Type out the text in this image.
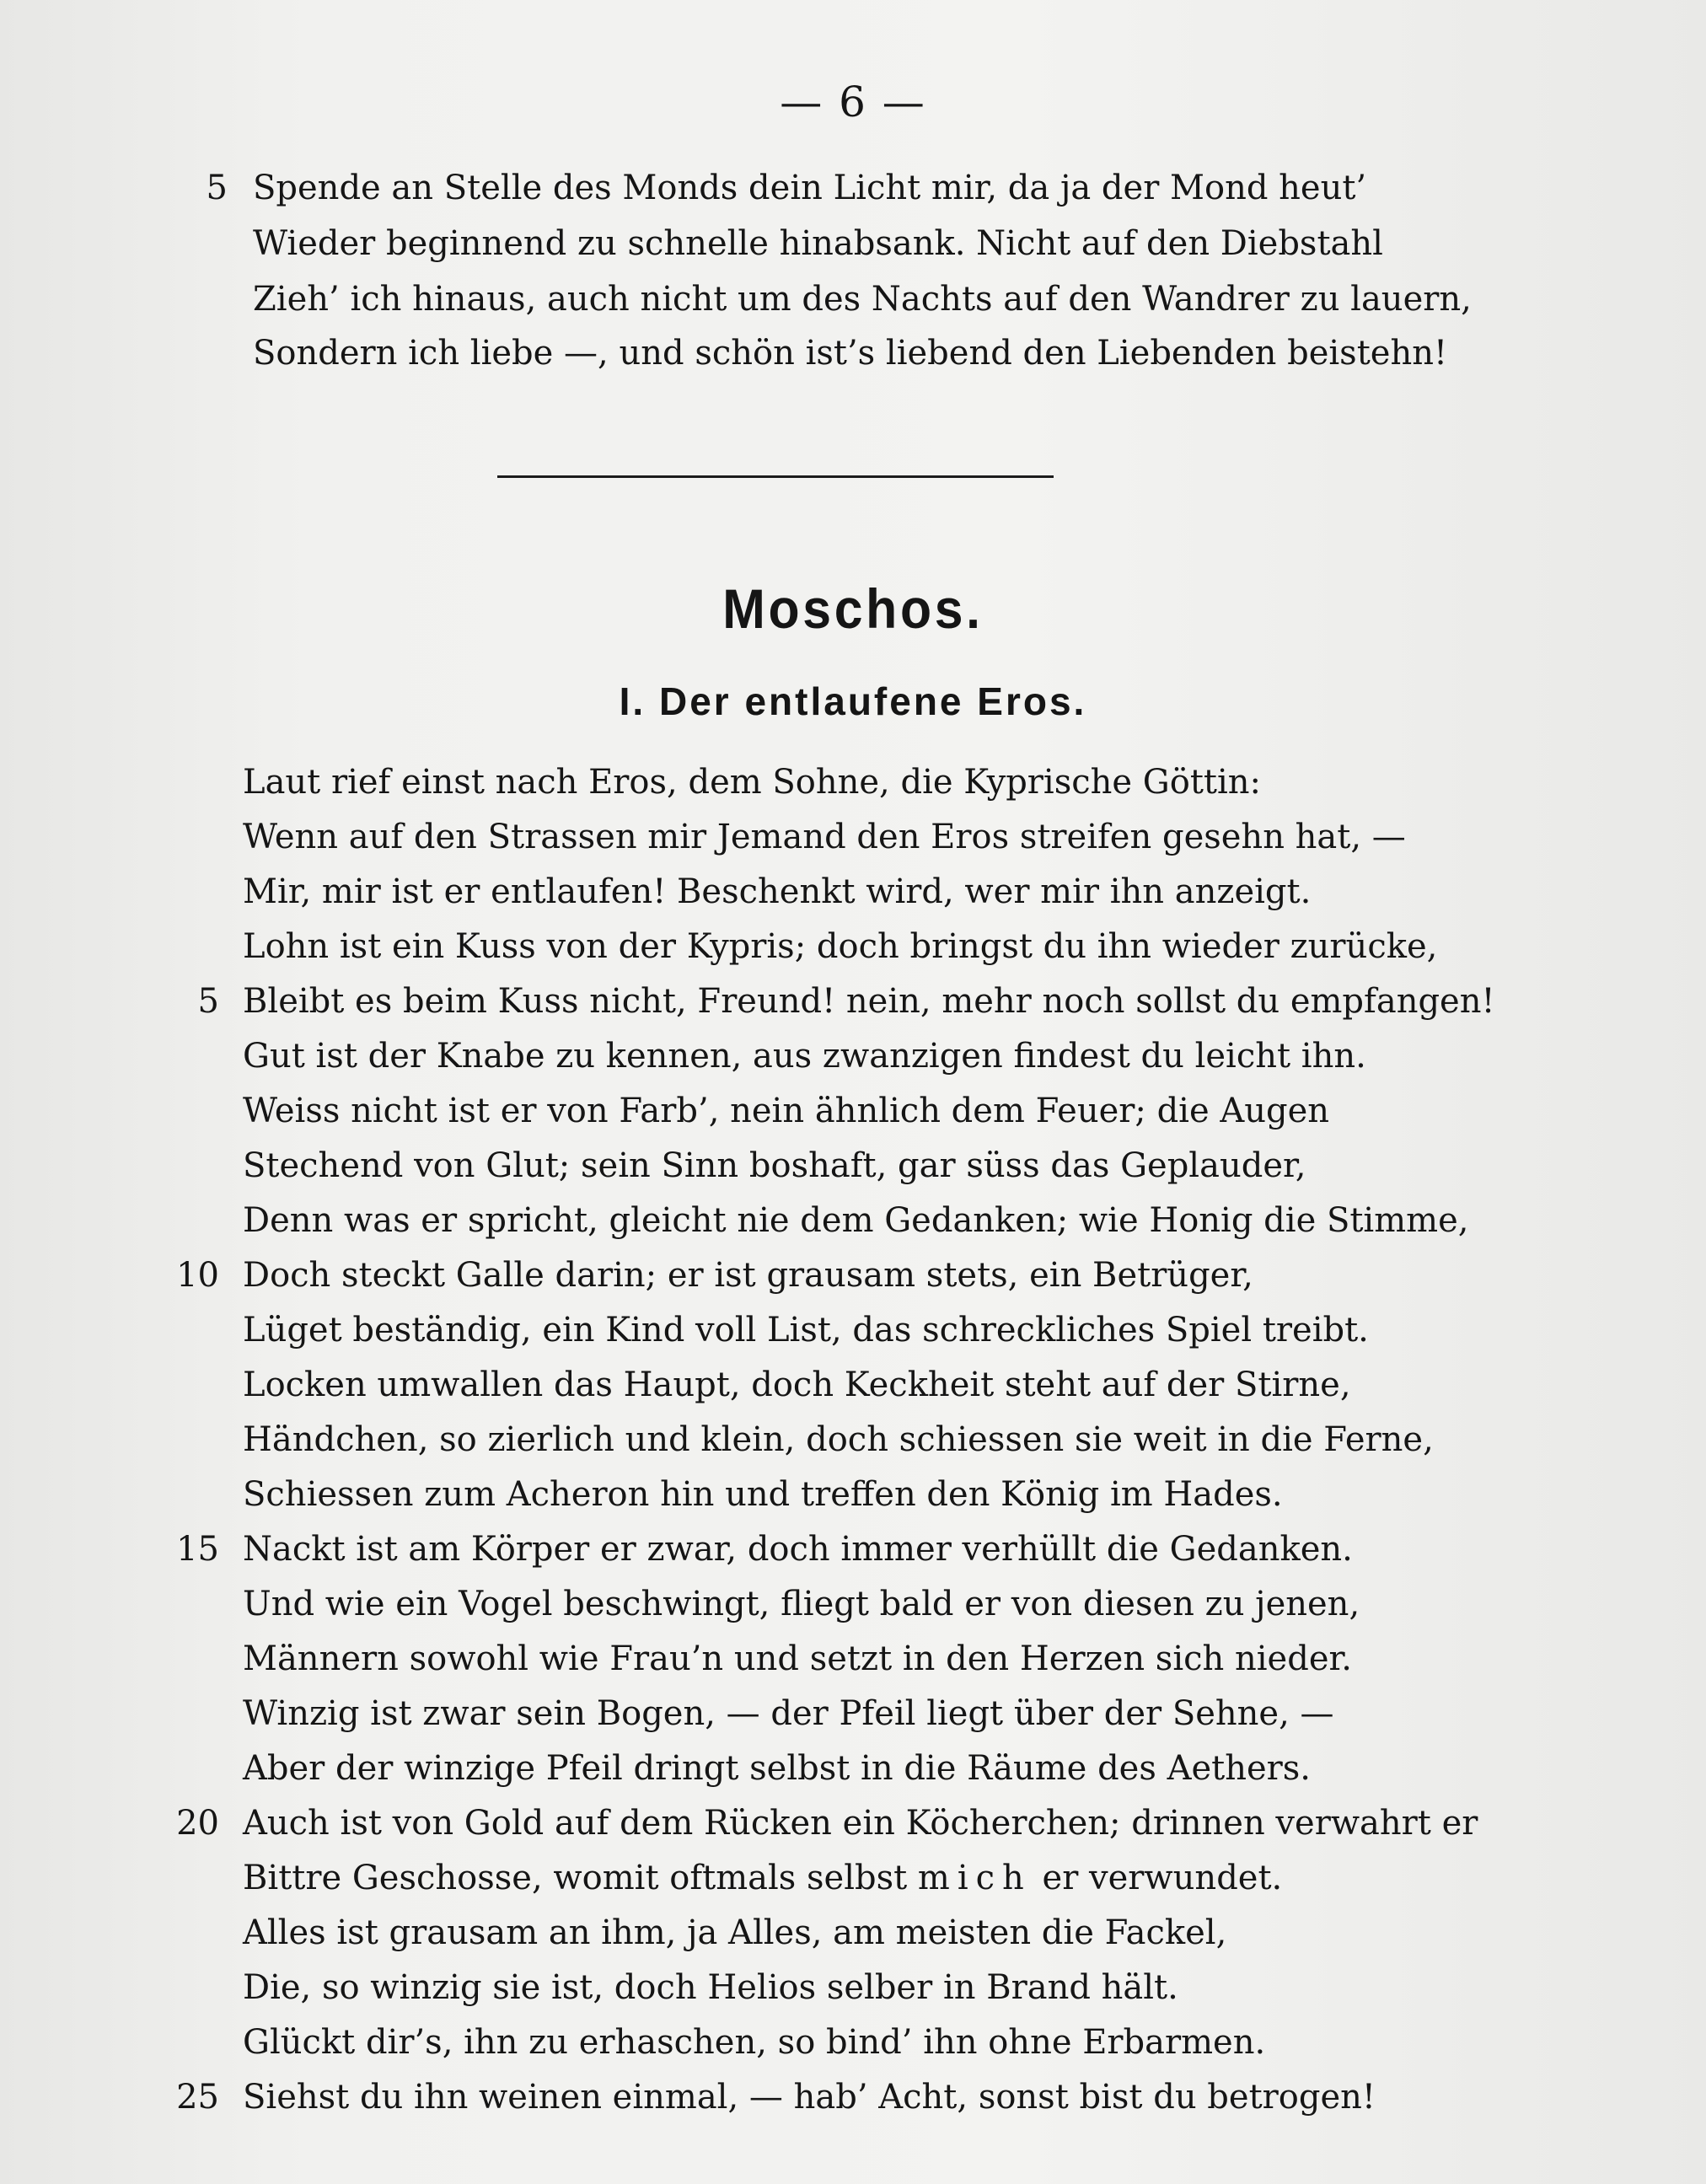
— 6 —
5 Spende an Stelle des Monds dein Licht mir, da ja der Mond heut’
Wieder beginnend zu schnelle hinabsank. Nicht auf den Diebstahl
Zieh’ ich hinaus, auch nicht um des Nachts auf den Wandrer zu lauern,
Sondern ich liebe —, und schön ist’s liebend den Liebenden beistehn!
Moschos.
I. Der entlaufene Eros.
Laut rief einst nach Eros, dem Sohne, die Kyprische Göttin:
Wenn auf den Strassen mir Jemand den Eros streifen gesehn hat, —
Mir, mir ist er entlaufen! Beschenkt wird, wer mir ihn anzeigt.
Lohn ist ein Kuss von der Kypris; doch bringst du ihn wieder zurücke,
5 Bleibt es beim Kuss nicht, Freund! nein, mehr noch sollst du empfangen!
Gut ist der Knabe zu kennen, aus zwanzigen findest du leicht ihn.
Weiss nicht ist er von Farb’, nein ähnlich dem Feuer; die Augen
Stechend von Glut; sein Sinn boshaft, gar süss das Geplauder,
Denn was er spricht, gleicht nie dem Gedanken; wie Honig die Stimme,
10 Doch steckt Galle darin; er ist grausam stets, ein Betrüger,
Lüget beständig, ein Kind voll List, das schreckliches Spiel treibt.
Locken umwallen das Haupt, doch Keckheit steht auf der Stirne,
Händchen, so zierlich und klein, doch schiessen sie weit in die Ferne,
Schiessen zum Acheron hin und treffen den König im Hades.
15 Nackt ist am Körper er zwar, doch immer verhüllt die Gedanken.
Und wie ein Vogel beschwingt, fliegt bald er von diesen zu jenen,
Männern sowohl wie Frau’n und setzt in den Herzen sich nieder.
Winzig ist zwar sein Bogen, — der Pfeil liegt über der Sehne, —
Aber der winzige Pfeil dringt selbst in die Räume des Aethers.
20 Auch ist von Gold auf dem Rücken ein Köcherchen; drinnen verwahrt er
Bittre Geschosse, womit oftmals selbst mich er verwundet.
Alles ist grausam an ihm, ja Alles, am meisten die Fackel,
Die, so winzig sie ist, doch Helios selber in Brand hält.
Glückt dir’s, ihn zu erhaschen, so bind’ ihn ohne Erbarmen.
25 Siehst du ihn weinen einmal, — hab’ Acht, sonst bist du betrogen!
